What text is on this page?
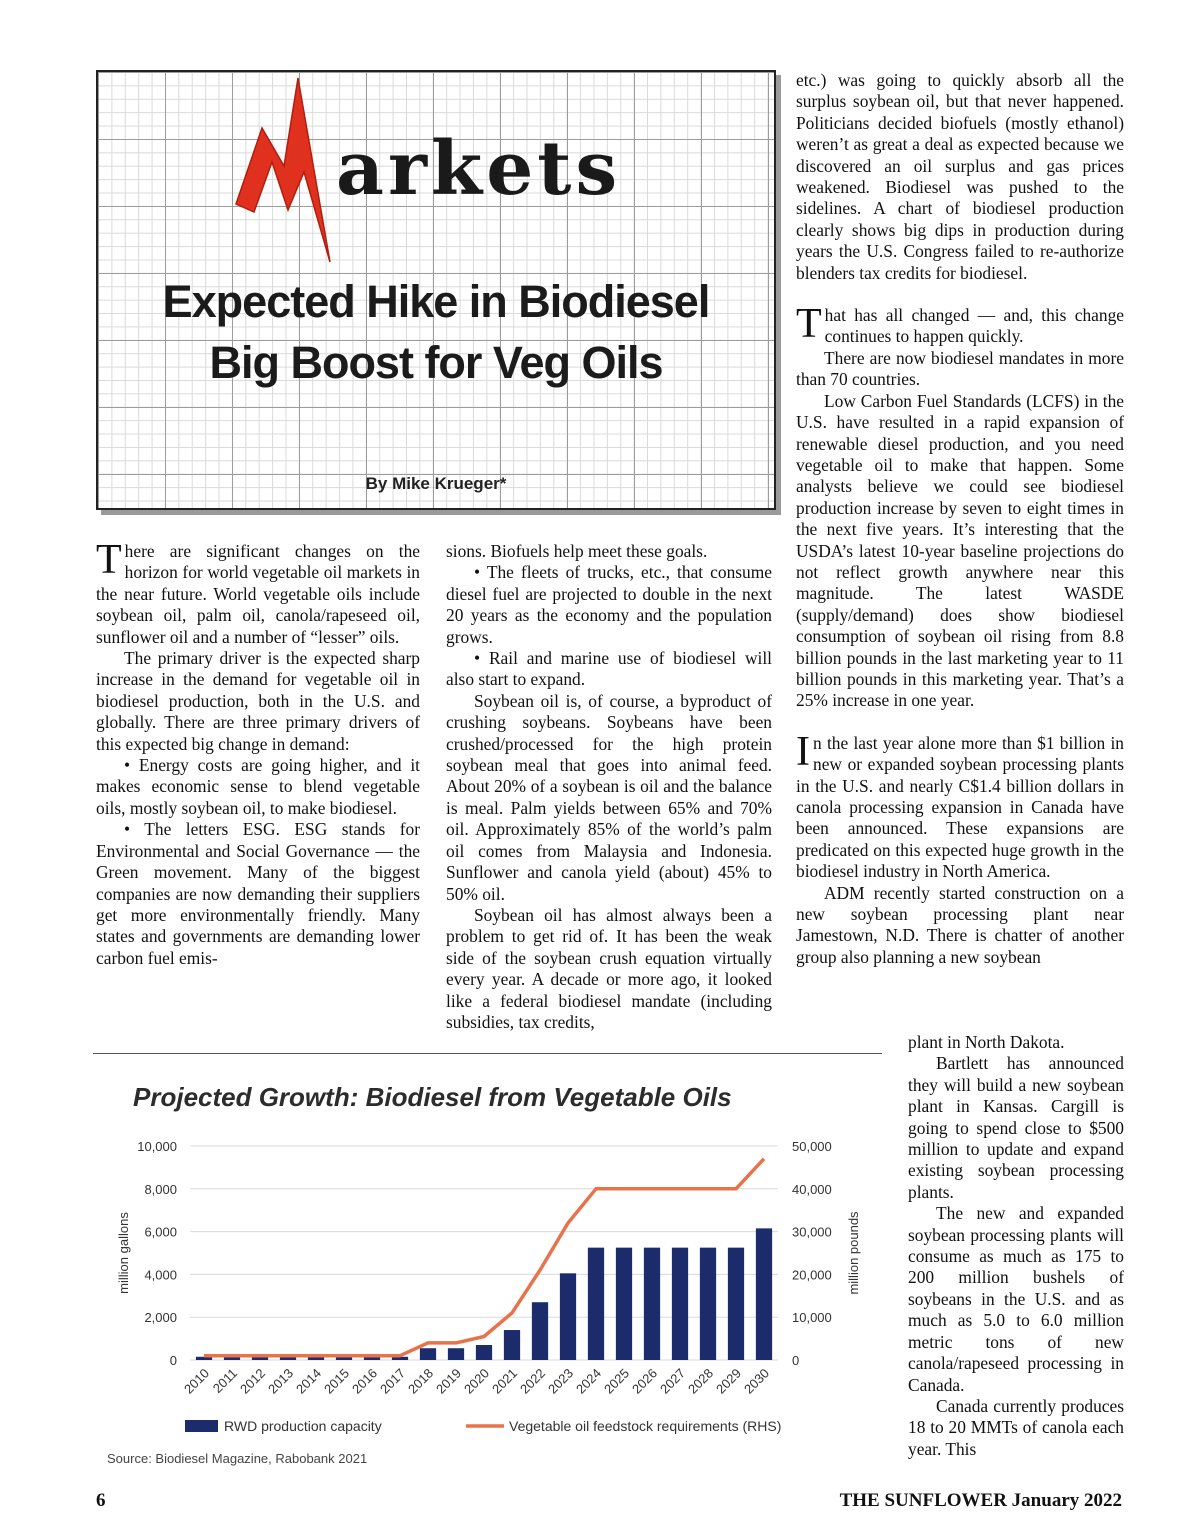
arkets
Expected Hike in Biodiesel
Big Boost for Veg Oils
By Mike Krueger*

There are significant changes on the horizon for world vegetable oil markets in the near future. World vegetable oils include soybean oil, palm oil, canola/rapeseed oil, sunflower oil and a number of “lesser” oils.

The primary driver is the expected sharp increase in the demand for vegetable oil in biodiesel production, both in the U.S. and globally. There are three primary drivers of this expected big change in demand:

• Energy costs are going higher, and it makes economic sense to blend vegetable oils, mostly soybean oil, to make biodiesel.

• The letters ESG. ESG stands for Environmental and Social Governance — the Green movement. Many of the biggest companies are now demanding their suppliers get more environmentally friendly. Many states and governments are demanding lower carbon fuel emis-

sions. Biofuels help meet these goals.

• The fleets of trucks, etc., that consume diesel fuel are projected to double in the next 20 years as the economy and the population grows.

• Rail and marine use of biodiesel will also start to expand.

Soybean oil is, of course, a byproduct of crushing soybeans. Soybeans have been crushed/processed for the high protein soybean meal that goes into animal feed. About 20% of a soybean is oil and the balance is meal. Palm yields between 65% and 70% oil. Approximately 85% of the world’s palm oil comes from Malaysia and Indonesia. Sunflower and canola yield (about) 45% to 50% oil.

Soybean oil has almost always been a problem to get rid of. It has been the weak side of the soybean crush equation virtually every year. A decade or more ago, it looked like a federal biodiesel mandate (including subsidies, tax credits,

etc.) was going to quickly absorb all the surplus soybean oil, but that never happened. Politicians decided biofuels (mostly ethanol) weren’t as great a deal as expected because we discovered an oil surplus and gas prices weakened. Biodiesel was pushed to the sidelines. A chart of biodiesel production clearly shows big dips in production during years the U.S. Congress failed to re-authorize blenders tax credits for biodiesel.

That has all changed — and, this change continues to happen quickly.

There are now biodiesel mandates in more than 70 countries.

Low Carbon Fuel Standards (LCFS) in the U.S. have resulted in a rapid expansion of renewable diesel production, and you need vegetable oil to make that happen. Some analysts believe we could see biodiesel production increase by seven to eight times in the next five years. It’s interesting that the USDA’s latest 10-year baseline projections do not reflect growth anywhere near this magnitude. The latest WASDE (supply/demand) does show biodiesel consumption of soybean oil rising from 8.8 billion pounds in the last marketing year to 11 billion pounds in this marketing year. That’s a 25% increase in one year.

In the last year alone more than $1 billion in new or expanded soybean processing plants in the U.S. and nearly C$1.4 billion dollars in canola processing expansion in Canada have been announced. These expansions are predicated on this expected huge growth in the biodiesel industry in North America.

ADM recently started construction on a new soybean processing plant near Jamestown, N.D. There is chatter of another group also planning a new soybean

plant in North Dakota.

Bartlett has announced they will build a new soybean plant in Kansas. Cargill is going to spend close to $500 million to update and expand existing soybean processing plants.

The new and expanded soybean processing plants will consume as much as 175 to 200 million bushels of soybeans in the U.S. and as much as 5.0 to 6.0 million metric tons of new canola/rapeseed processing in Canada.

Canada currently produces 18 to 20 MMTs of canola each year. This

Projected Growth: Biodiesel from Vegetable Oils
0	0
2,000	10,000
4,000	20,000
6,000	30,000
8,000	40,000
10,000	50,000
million gallons	million pounds
2010
2011
2012
2013
2014
2015
2016
2017
2018
2019
2020
2021
2022
2023
2024
2025
2026
2027
2028
2029
2030
RWD production capacity	Vegetable oil feedstock requirements (RHS)
Source: Biodiesel Magazine, Rabobank 2021
6	THE SUNFLOWER January 2022
